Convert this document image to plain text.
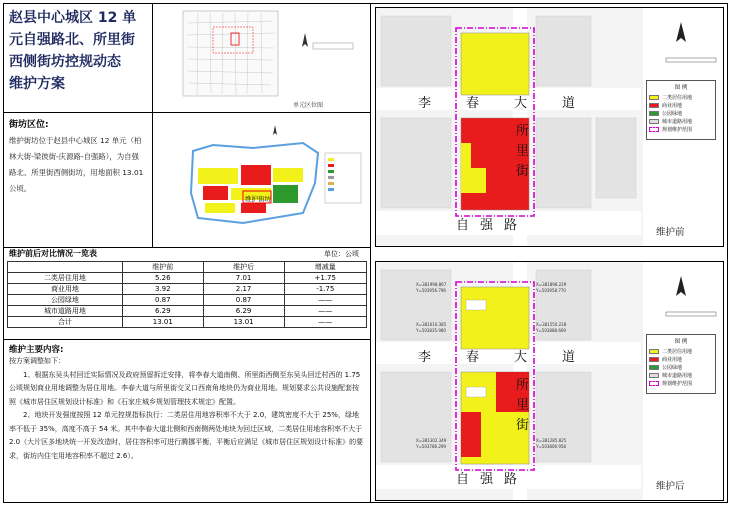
赵县中心城区 12 单
元自强路北、所里街
西侧街坊控规动态
维护方案
单元区位图
街坊区位:
维护街坊位于赵县中心城区 12 单元（柏林大街-梁彼街-庆源路-自强路），为自强路北、所里街西侧街坊，用地面积 13.01 公顷。
维护街坊
维护前后对比情况一览表	单位：公顷
	维护前	维护后	增减量
二类居住用地	5.26	7.01	+1.75
商业用地	3.92	2.17	-1.75
公园绿地	0.87	0.87	——
城市道路用地	6.29	6.29	——
合计	13.01	13.01	——
维护主要内容:
按方案调整如下：
1、根据东吴头村回迁实际情况及政府预留拆迁安排，将李春大道南侧、所里街西侧至东吴头回迁村西的 1.75 公顷规划商业用地调整为居住用地。李春大道与所里街交叉口西南角地块仍为商业用地。规划要求公共设施配套按照《城市居住区规划设计标准》和《石家庄城乡规划管理技术规定》配置。
2、地块开发强度按照 12 单元控规指标执行：二类居住用地容积率不大于 2.0，建筑密度不大于 25%，绿地率不低于 35%，高度不高于 54 米。其中李春大道北侧和西南侧两处地块为回迁区域，二类居住用地容积率不大于 2.0（大片区多地块统一开发改造时，居住容积率可进行腾挪平衡，平衡后应满足《城市居住区规划设计标准》的要求，街坊内住宅用地容积率不超过 2.6）。
李	春	大	道
所
里
街
自 强 路
图 例
二类居住用地
商业用地
公园绿地
城市道路用地
规划维护范围
维护前
X=381998.867
Y=503956.796
X=381898.229
Y=503958.770
X=381610.385
Y=503835.980
X=381550.228
Y=503888.669
X=381302.349
Y=503786.299
X=381285.825
Y=503806.958
李	春	大	道
所
里
街
自 强 路
图 例
二类居住用地
商业用地
公园绿地
城市道路用地
规划维护范围
维护后
